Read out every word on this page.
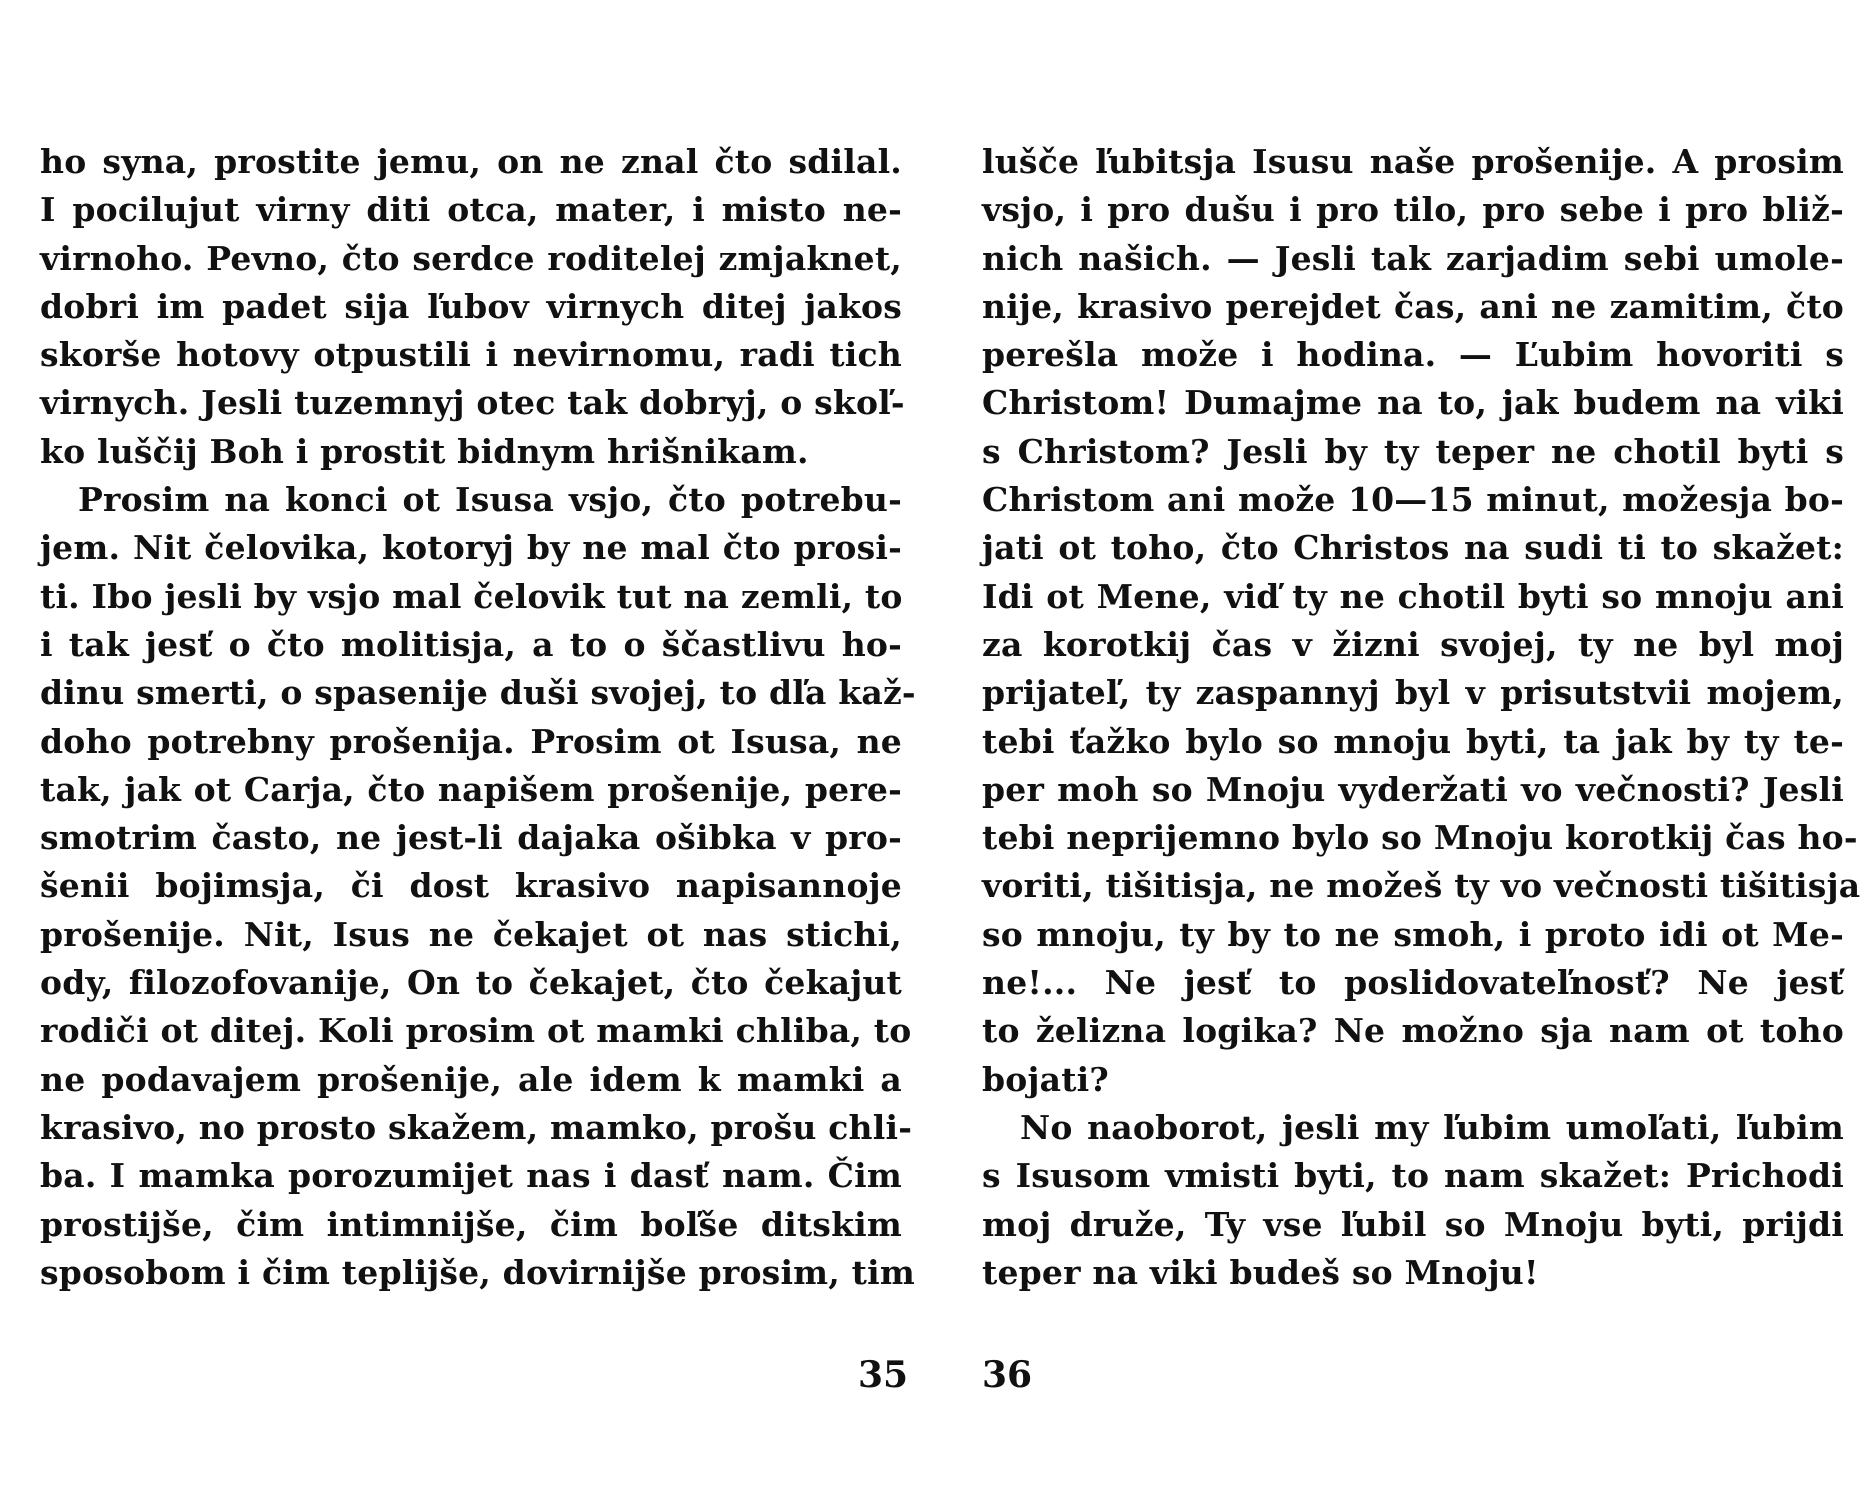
ho syna, prostite jemu, on ne znal čto sdilal.
I pocilujut virny diti otca, mater, i misto ne-
virnoho. Pevno, čto serdce roditelej zmjaknet,
dobri im padet sija ľubov virnych ditej jakos
skorše hotovy otpustili i nevirnomu, radi tich
virnych. Jesli tuzemnyj otec tak dobryj, o skoľ-
ko luščij Boh i prostit bidnym hrišnikam.
Prosim na konci ot Isusa vsjo, čto potrebu-
jem. Nit čelovika, kotoryj by ne mal čto prosi-
ti. Ibo jesli by vsjo mal čelovik tut na zemli, to
i tak jesť o čto molitisja, a to o ščastlivu ho-
dinu smerti, o spasenije duši svojej, to dľa kaž-
doho potrebny prošenija. Prosim ot Isusa, ne
tak, jak ot Carja, čto napišem prošenije, pere-
smotrim často, ne jest-li dajaka ošibka v pro-
šenii bojimsja, či dost krasivo napisannoje
prošenije. Nit, Isus ne čekajet ot nas stichi,
ody, filozofovanije, On to čekajet, čto čekajut
rodiči ot ditej. Koli prosim ot mamki chliba, to
ne podavajem prošenije, ale idem k mamki a
krasivo, no prosto skažem, mamko, prošu chli-
ba. I mamka porozumijet nas i dasť nam. Čim
prostijše, čim intimnijše, čim boľše ditskim
sposobom i čim teplijše, dovirnijše prosim, tim
35
lušče ľubitsja Isusu naše prošenije. A prosim
vsjo, i pro dušu i pro tilo, pro sebe i pro bliž-
nich našich. — Jesli tak zarjadim sebi umole-
nije, krasivo perejdet čas, ani ne zamitim, čto
perešla može i hodina. — Ľubim hovoriti s
Christom! Dumajme na to, jak budem na viki
s Christom? Jesli by ty teper ne chotil byti s
Christom ani može 10—15 minut, možesja bo-
jati ot toho, čto Christos na sudi ti to skažet:
Idi ot Mene, viď ty ne chotil byti so mnoju ani
za korotkij čas v žizni svojej, ty ne byl moj
prijateľ, ty zaspannyj byl v prisutstvii mojem,
tebi ťažko bylo so mnoju byti, ta jak by ty te-
per moh so Mnoju vyderžati vo večnosti? Jesli
tebi neprijemno bylo so Mnoju korotkij čas ho-
voriti, tišitisja, ne možeš ty vo večnosti tišitisja
so mnoju, ty by to ne smoh, i proto idi ot Me-
ne!... Ne jesť to poslidovateľnosť? Ne jesť
to želizna logika? Ne možno sja nam ot toho
bojati?
No naoborot, jesli my ľubim umoľati, ľubim
s Isusom vmisti byti, to nam skažet: Prichodi
moj druže, Ty vse ľubil so Mnoju byti, prijdi
teper na viki budeš so Mnoju!
36
